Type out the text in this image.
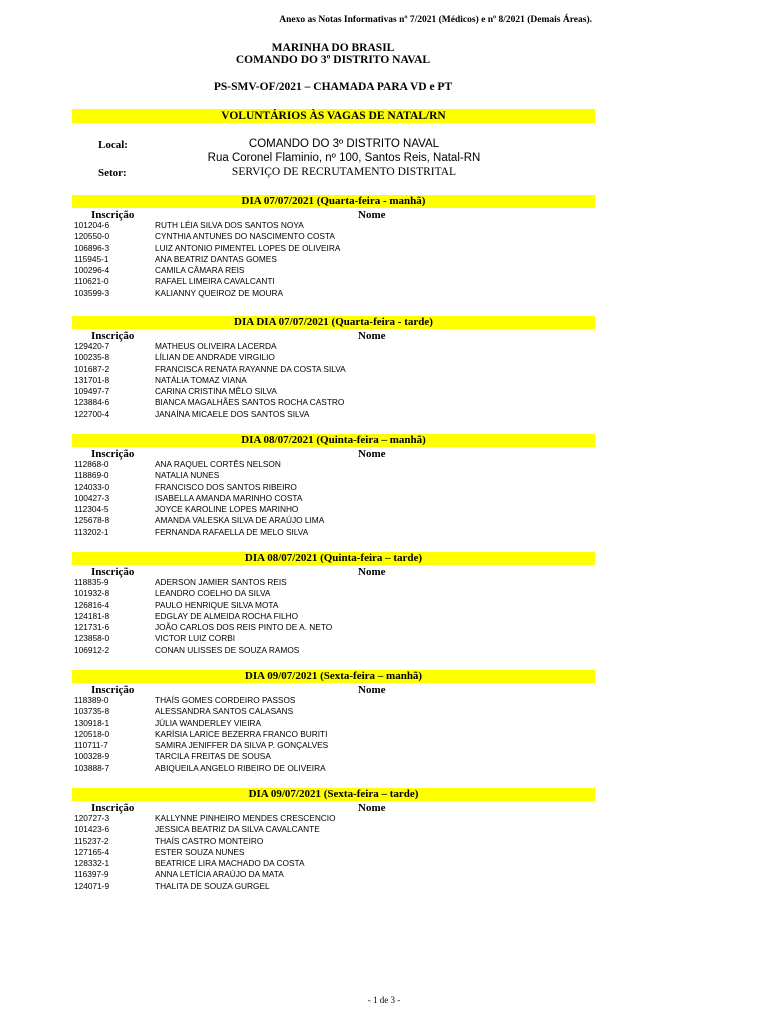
Anexo as Notas Informativas nº 7/2021 (Médicos) e nº 8/2021 (Demais Áreas).
MARINHA DO BRASIL
COMANDO DO 3º DISTRITO NAVAL
PS-SMV-OF/2021 – CHAMADA PARA VD e PT
VOLUNTÁRIOS ÀS VAGAS DE NATAL/RN
Local:	COMANDO DO 3º DISTRITO NAVAL
Rua Coronel Flaminio, nº 100, Santos Reis, Natal-RN
Setor:	SERVIÇO DE RECRUTAMENTO DISTRITAL
DIA 07/07/2021 (Quarta-feira - manhã)
Inscrição	Nome
101204-6	RUTH LÉIA SILVA DOS SANTOS NOYA
120550-0	CYNTHIA ANTUNES DO NASCIMENTO COSTA
106896-3	LUIZ ANTONIO PIMENTEL LOPES DE OLIVEIRA
115945-1	ANA BEATRIZ DANTAS GOMES
100296-4	CAMILA CÂMARA REIS
110621-0	RAFAEL LIMEIRA CAVALCANTI
103599-3	KALIANNY QUEIROZ DE MOURA
DIA DIA 07/07/2021 (Quarta-feira - tarde)
Inscrição	Nome
129420-7	MATHEUS OLIVEIRA LACERDA
100235-8	LÍLIAN DE ANDRADE VIRGILIO
101687-2	FRANCISCA RENATA RAYANNE DA COSTA SILVA
131701-8	NATÁLIA TOMAZ VIANA
109497-7	CARINA CRISTINA MÊLO SILVA
123884-6	BIANCA MAGALHÃES SANTOS ROCHA CASTRO
122700-4	JANAÍNA MICAELE DOS SANTOS SILVA
DIA 08/07/2021 (Quinta-feira – manhã)
Inscrição	Nome
112868-0	ANA RAQUEL CORTÊS NELSON
118869-0	NATALIA NUNES
124033-0	FRANCISCO DOS SANTOS RIBEIRO
100427-3	ISABELLA AMANDA MARINHO COSTA
112304-5	JOYCE KAROLINE LOPES MARINHO
125678-8	AMANDA VALESKA SILVA DE ARAÚJO LIMA
113202-1	FERNANDA RAFAELLA DE MELO SILVA
DIA 08/07/2021 (Quinta-feira – tarde)
Inscrição	Nome
118835-9	ADERSON JAMIER SANTOS REIS
101932-8	LEANDRO COELHO DA SILVA
126816-4	PAULO HENRIQUE SILVA MOTA
124181-8	EDGLAY DE ALMEIDA ROCHA FILHO
121731-6	JOÃO CARLOS DOS REIS PINTO DE A. NETO
123858-0	VICTOR LUIZ CORBI
106912-2	CONAN ULISSES DE SOUZA RAMOS
DIA 09/07/2021 (Sexta-feira – manhã)
Inscrição	Nome
118389-0	THAÍS GOMES CORDEIRO PASSOS
103735-8	ALESSANDRA SANTOS CALASANS
130918-1	JÚLIA WANDERLEY VIEIRA
120518-0	KARÍSIA LARICE BEZERRA FRANCO BURITI
110711-7	SAMIRA JENIFFER DA SILVA P. GONÇALVES
100328-9	TARCILA FREITAS DE SOUSA
103888-7	ABIQUEILA ANGELO RIBEIRO DE OLIVEIRA
DIA 09/07/2021 (Sexta-feira – tarde)
Inscrição	Nome
120727-3	KALLYNNE PINHEIRO MENDES CRESCENCIO
101423-6	JESSICA BEATRIZ DA SILVA CAVALCANTE
115237-2	THAÍS CASTRO MONTEIRO
127165-4	ESTER SOUZA NUNES
128332-1	BEATRICE LIRA MACHADO DA COSTA
116397-9	ANNA LETÍCIA ARAÚJO DA MATA
124071-9	THALITA DE SOUZA GURGEL
- 1 de 3 -
